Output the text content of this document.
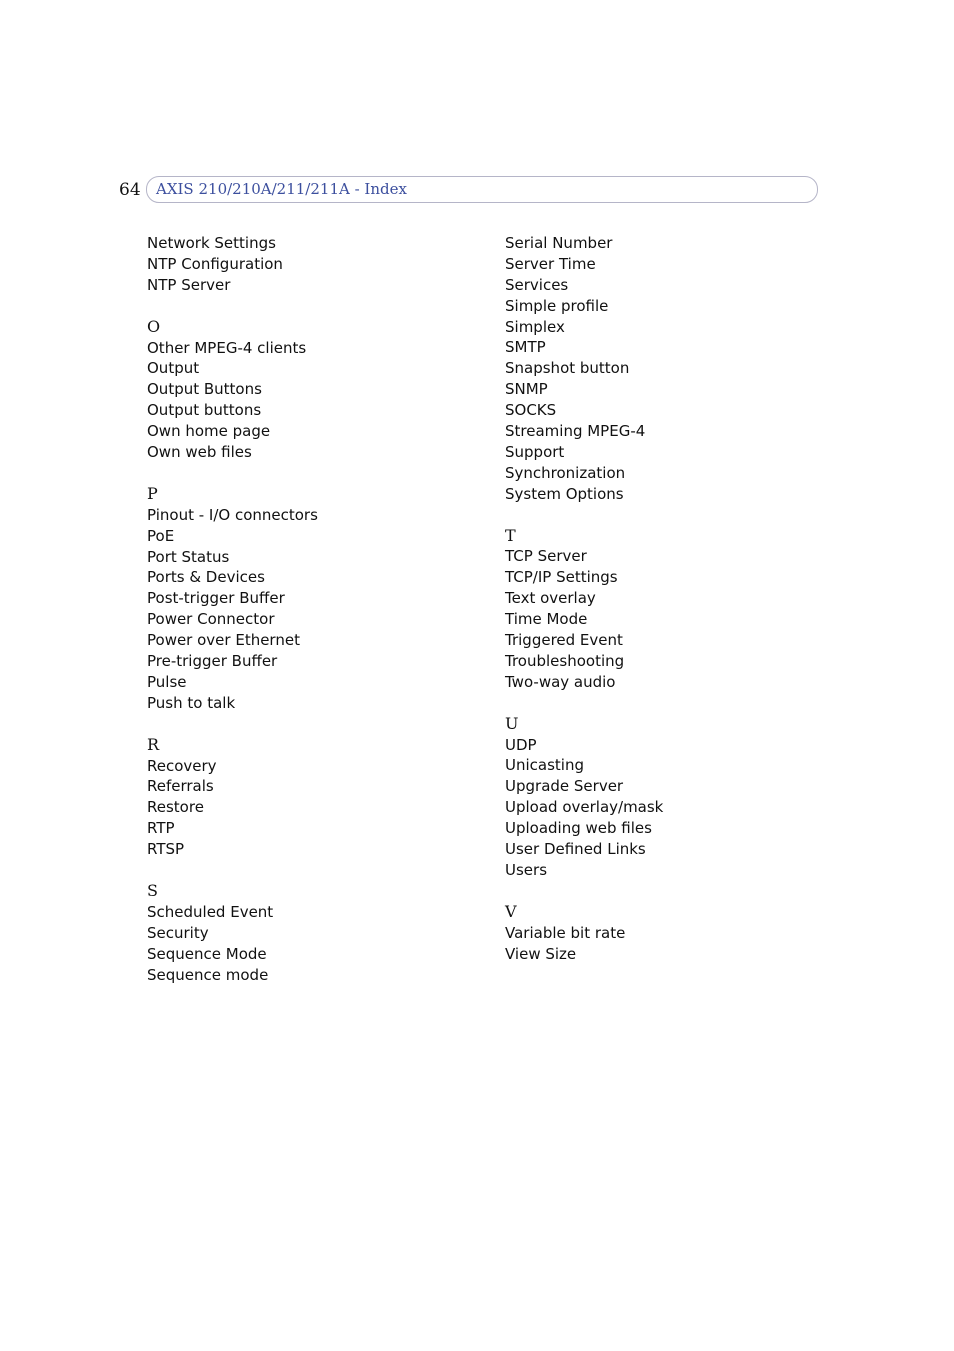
64 AXIS 210/210A/211/211A - Index
Network Settings
NTP Configuration
NTP Server
O
Other MPEG-4 clients
Output
Output Buttons
Output buttons
Own home page
Own web files
P
Pinout - I/O connectors
PoE
Port Status
Ports & Devices
Post-trigger Buffer
Power Connector
Power over Ethernet
Pre-trigger Buffer
Pulse
Push to talk
R
Recovery
Referrals
Restore
RTP
RTSP
S
Scheduled Event
Security
Sequence Mode
Sequence mode
Serial Number
Server Time
Services
Simple profile
Simplex
SMTP
Snapshot button
SNMP
SOCKS
Streaming MPEG-4
Support
Synchronization
System Options
T
TCP Server
TCP/IP Settings
Text overlay
Time Mode
Triggered Event
Troubleshooting
Two-way audio
U
UDP
Unicasting
Upgrade Server
Upload overlay/mask
Uploading web files
User Defined Links
Users
V
Variable bit rate
View Size
